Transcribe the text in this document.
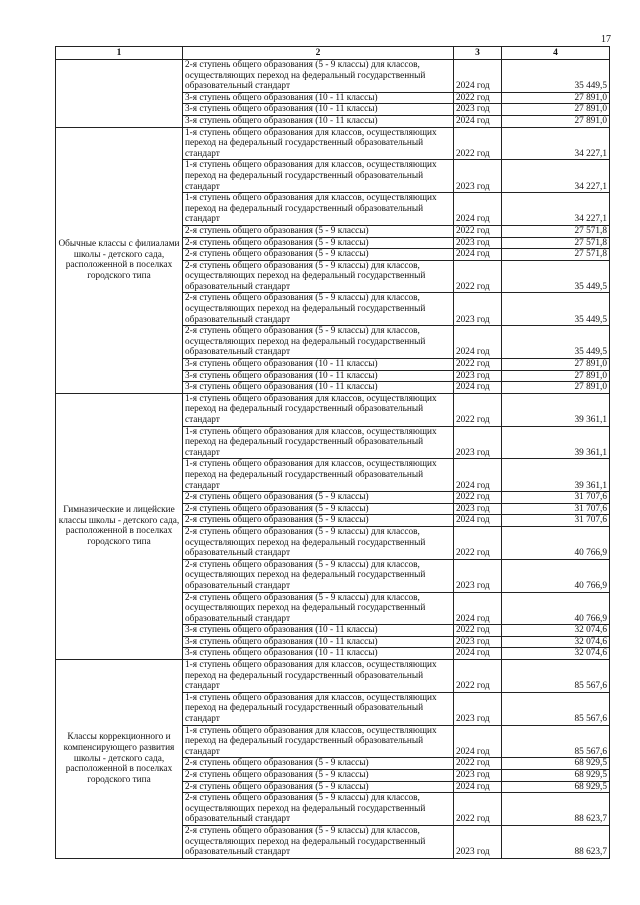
17
1	2	3	4
	2-я ступень общего образования (5 - 9 классы) для классов, осуществляющих переход на федеральный государственный образовательный стандарт	2024 год	35 449,5
	3-я ступень общего образования (10 - 11 классы)	2022 год	27 891,0
	3-я ступень общего образования (10 - 11 классы)	2023 год	27 891,0
	3-я ступень общего образования (10 - 11 классы)	2024 год	27 891,0
Обычные классы с филиалами школы - детского сада, расположенной в поселках городского типа	1-я ступень общего образования для классов, осуществляющих переход на федеральный государственный образовательный стандарт	2022 год	34 227,1
	1-я ступень общего образования для классов, осуществляющих переход на федеральный государственный образовательный стандарт	2023 год	34 227,1
	1-я ступень общего образования для классов, осуществляющих переход на федеральный государственный образовательный стандарт	2024 год	34 227,1
	2-я ступень общего образования (5 - 9 классы)	2022 год	27 571,8
	2-я ступень общего образования (5 - 9 классы)	2023 год	27 571,8
	2-я ступень общего образования (5 - 9 классы)	2024 год	27 571,8
	2-я ступень общего образования (5 - 9 классы) для классов, осуществляющих переход на федеральный государственный образовательный стандарт	2022 год	35 449,5
	2-я ступень общего образования (5 - 9 классы) для классов, осуществляющих переход на федеральный государственный образовательный стандарт	2023 год	35 449,5
	2-я ступень общего образования (5 - 9 классы) для классов, осуществляющих переход на федеральный государственный образовательный стандарт	2024 год	35 449,5
	3-я ступень общего образования (10 - 11 классы)	2022 год	27 891,0
	3-я ступень общего образования (10 - 11 классы)	2023 год	27 891,0
	3-я ступень общего образования (10 - 11 классы)	2024 год	27 891,0
Гимназические и лицейские классы школы - детского сада, расположенной в поселках городского типа	1-я ступень общего образования для классов, осуществляющих переход на федеральный государственный образовательный стандарт	2022 год	39 361,1
	1-я ступень общего образования для классов, осуществляющих переход на федеральный государственный образовательный стандарт	2023 год	39 361,1
	1-я ступень общего образования для классов, осуществляющих переход на федеральный государственный образовательный стандарт	2024 год	39 361,1
	2-я ступень общего образования (5 - 9 классы)	2022 год	31 707,6
	2-я ступень общего образования (5 - 9 классы)	2023 год	31 707,6
	2-я ступень общего образования (5 - 9 классы)	2024 год	31 707,6
	2-я ступень общего образования (5 - 9 классы) для классов, осуществляющих переход на федеральный государственный образовательный стандарт	2022 год	40 766,9
	2-я ступень общего образования (5 - 9 классы) для классов, осуществляющих переход на федеральный государственный образовательный стандарт	2023 год	40 766,9
	2-я ступень общего образования (5 - 9 классы) для классов, осуществляющих переход на федеральный государственный образовательный стандарт	2024 год	40 766,9
	3-я ступень общего образования (10 - 11 классы)	2022 год	32 074,6
	3-я ступень общего образования (10 - 11 классы)	2023 год	32 074,6
	3-я ступень общего образования (10 - 11 классы)	2024 год	32 074,6
Классы коррекционного и компенсирующего развития школы - детского сада, расположенной в поселках городского типа	1-я ступень общего образования для классов, осуществляющих переход на федеральный государственный образовательный стандарт	2022 год	85 567,6
	1-я ступень общего образования для классов, осуществляющих переход на федеральный государственный образовательный стандарт	2023 год	85 567,6
	1-я ступень общего образования для классов, осуществляющих переход на федеральный государственный образовательный стандарт	2024 год	85 567,6
	2-я ступень общего образования (5 - 9 классы)	2022 год	68 929,5
	2-я ступень общего образования (5 - 9 классы)	2023 год	68 929,5
	2-я ступень общего образования (5 - 9 классы)	2024 год	68 929,5
	2-я ступень общего образования (5 - 9 классы) для классов, осуществляющих переход на федеральный государственный образовательный стандарт	2022 год	88 623,7
	2-я ступень общего образования (5 - 9 классы) для классов, осуществляющих переход на федеральный государственный образовательный стандарт	2023 год	88 623,7
